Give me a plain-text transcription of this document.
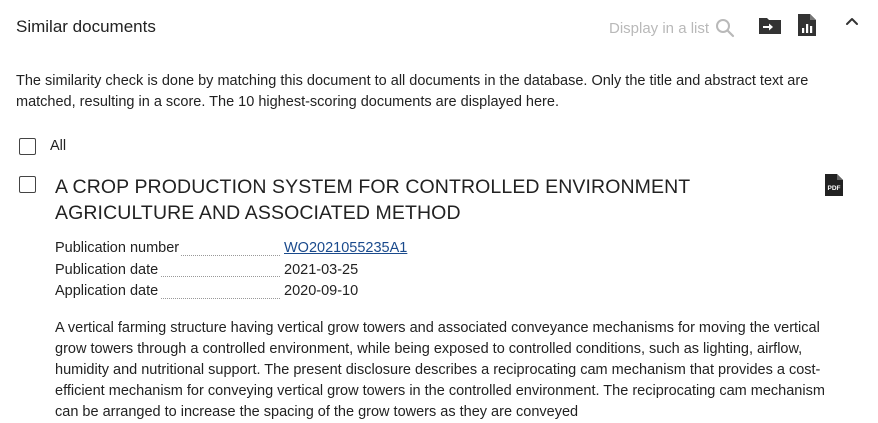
Similar documents	Display in a list
The similarity check is done by matching this document to all documents in the database. Only the title and abstract text are matched, resulting in a score. The 10 highest-scoring documents are displayed here.
All
A CROP PRODUCTION SYSTEM FOR CONTROLLED ENVIRONMENT AGRICULTURE AND ASSOCIATED METHOD
PDF
Publication number	WO2021055235A1
Publication date	2021-03-25
Application date	2020-09-10
A vertical farming structure having vertical grow towers and associated conveyance mechanisms for moving the vertical grow towers through a controlled environment, while being exposed to controlled conditions, such as lighting, airflow, humidity and nutritional support. The present disclosure describes a reciprocating cam mechanism that provides a cost-efficient mechanism for conveying vertical grow towers in the controlled environment. The reciprocating cam mechanism can be arranged to increase the spacing of the grow towers as they are conveyed
